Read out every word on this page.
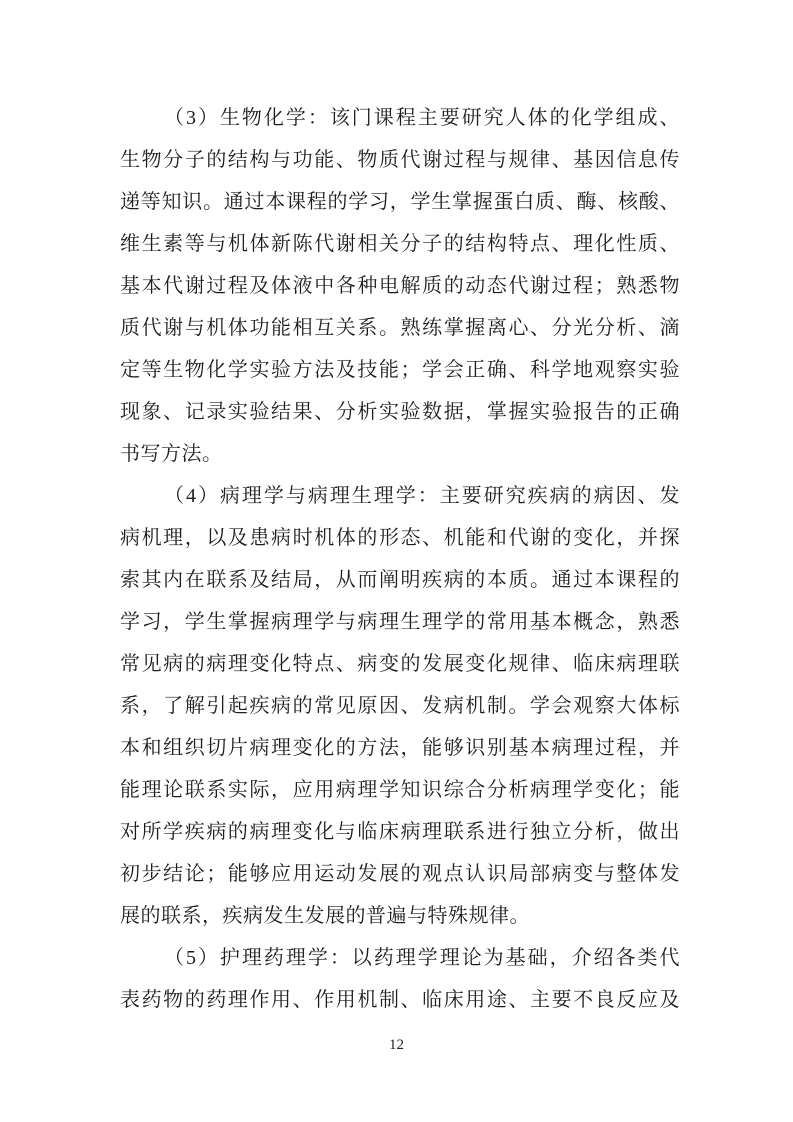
（3）生物化学：该门课程主要研究人体的化学组成、
生物分子的结构与功能、物质代谢过程与规律、基因信息传
递等知识。通过本课程的学习，学生掌握蛋白质、酶、核酸、
维生素等与机体新陈代谢相关分子的结构特点、理化性质、
基本代谢过程及体液中各种电解质的动态代谢过程；熟悉物
质代谢与机体功能相互关系。熟练掌握离心、分光分析、滴
定等生物化学实验方法及技能；学会正确、科学地观察实验
现象、记录实验结果、分析实验数据，掌握实验报告的正确
书写方法。
（4）病理学与病理生理学：主要研究疾病的病因、发
病机理，以及患病时机体的形态、机能和代谢的变化，并探
索其内在联系及结局，从而阐明疾病的本质。通过本课程的
学习，学生掌握病理学与病理生理学的常用基本概念，熟悉
常见病的病理变化特点、病变的发展变化规律、临床病理联
系，了解引起疾病的常见原因、发病机制。学会观察大体标
本和组织切片病理变化的方法，能够识别基本病理过程，并
能理论联系实际，应用病理学知识综合分析病理学变化；能
对所学疾病的病理变化与临床病理联系进行独立分析，做出
初步结论；能够应用运动发展的观点认识局部病变与整体发
展的联系，疾病发生发展的普遍与特殊规律。
（5）护理药理学：以药理学理论为基础，介绍各类代
表药物的药理作用、作用机制、临床用途、主要不良反应及
12
